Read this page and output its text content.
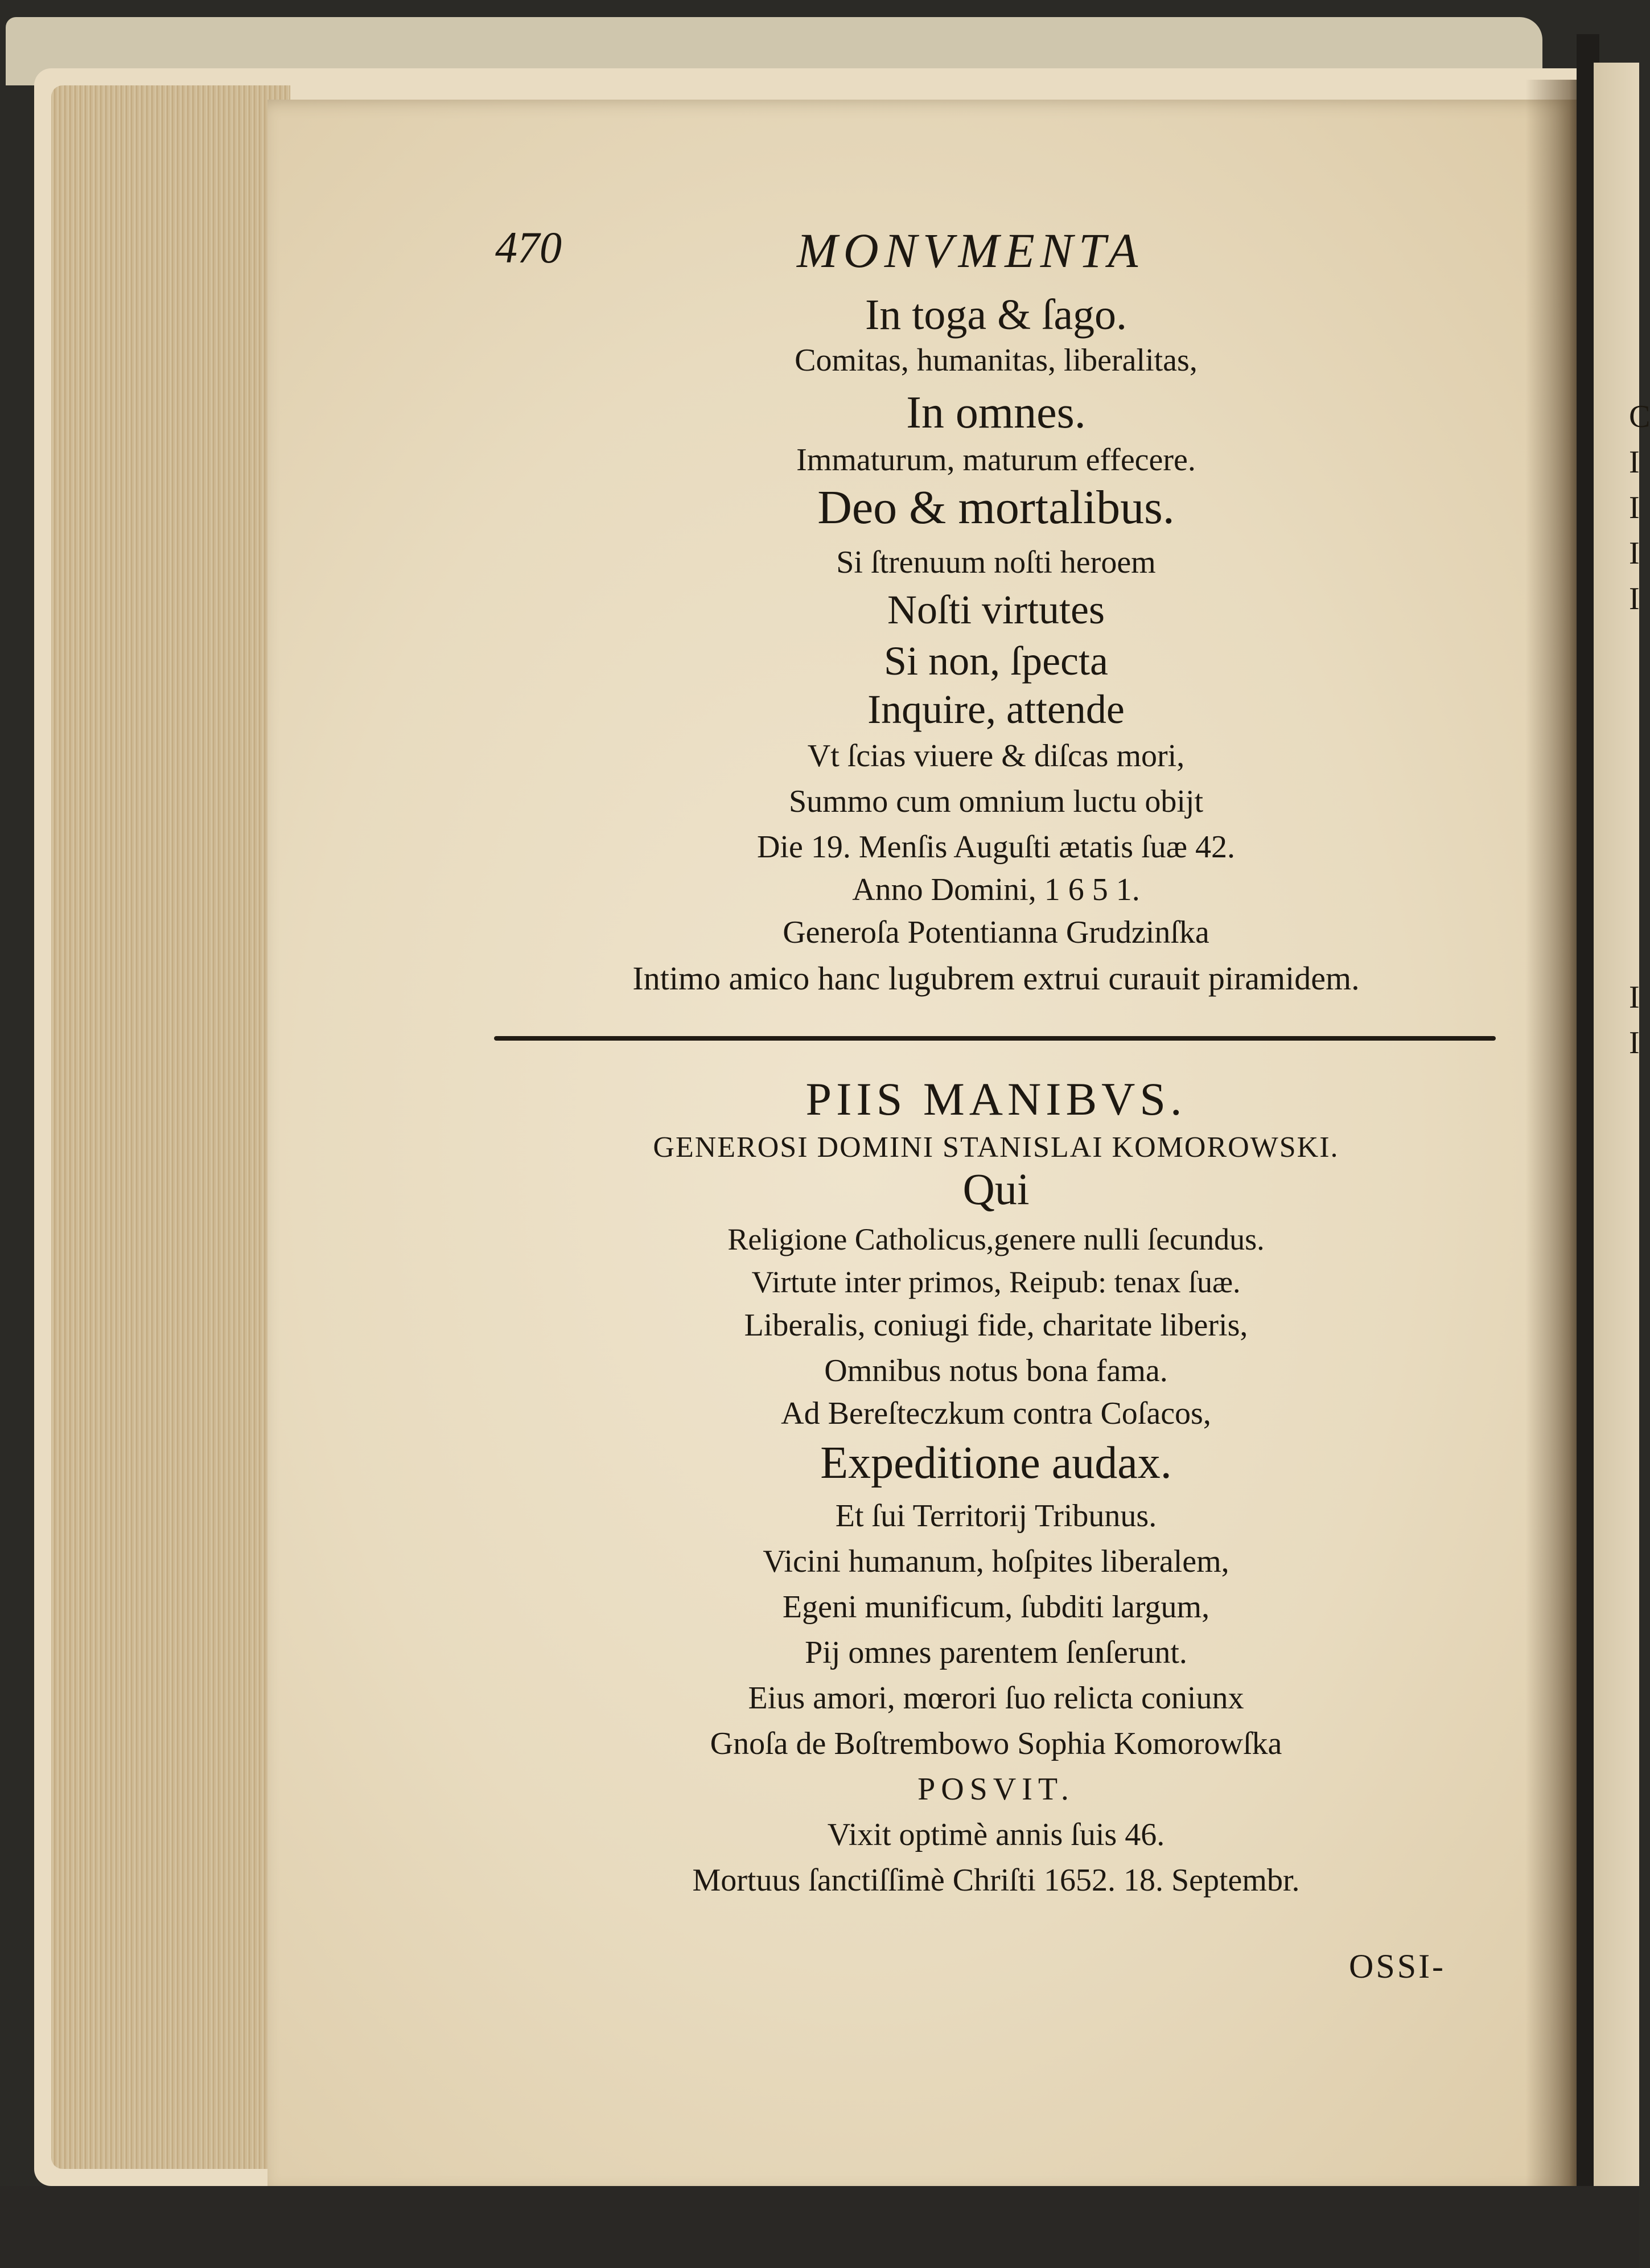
C
I
I
I
I
I
I
470	MONVMENTA
In toga & ſago.
Comitas, humanitas, liberalitas,
In omnes.
Immaturum, maturum effecere.
Deo & mortalibus.
Si ſtrenuum noſti heroem
Noſti virtutes
Si non, ſpecta
Inquire, attende
Vt ſcias viuere & diſcas mori,
Summo cum omnium luctu obijt
Die 19. Menſis Auguſti ætatis ſuæ 42.
Anno Domini, 1 6 5 1.
Generoſa Potentianna Grudzinſka
Intimo amico hanc lugubrem extrui curauit piramidem.
PIIS MANIBVS.
GENEROSI DOMINI STANISLAI KOMOROWSKI.
Qui
Religione Catholicus,genere nulli ſecundus.
Virtute inter primos, Reipub: tenax ſuæ.
Liberalis, coniugi fide, charitate liberis,
Omnibus notus bona fama.
Ad Bereſteczkum contra Coſacos,
Expeditione audax.
Et ſui Territorij Tribunus.
Vicini humanum, hoſpites liberalem,
Egeni munificum, ſubditi largum,
Pij omnes parentem ſenſerunt.
Eius amori, mœrori ſuo relicta coniunx
Gnoſa de Boſtrembowo Sophia Komorowſka
POSVIT.
Vixit optimè annis ſuis 46.
Mortuus ſanctiſſimè Chriſti 1652. 18. Septembr.
OSSI-
